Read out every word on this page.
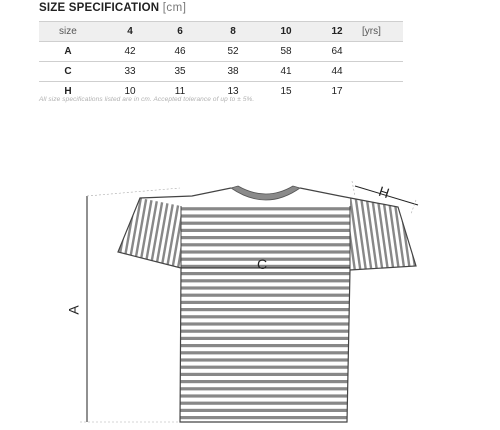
SIZE SPECIFICATION [cm]
size	4	6	8	10	12 [yrs]
A	42	46	52	58	64
C	33	35	38	41	44
H	10	11	13	15	17
All size specifications listed are in cm. Accepted tolerance of up to ± 5%.
C
A
H
